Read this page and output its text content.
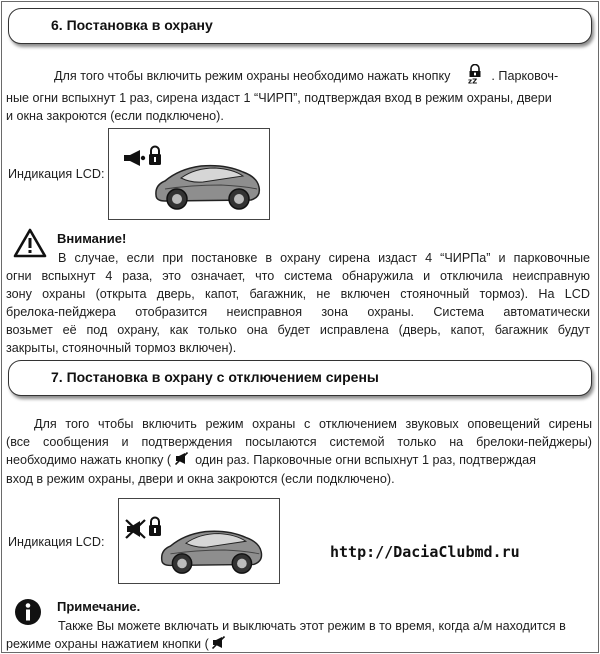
6. Постановка в охрану
Для того чтобы включить режим охраны необходимо нажать кнопку	zZ . Парковоч-
ные огни вспыхнут 1 раз, сирена издаст 1 “ЧИРП”, подтверждая вход в режим охраны, двери
и окна закроются (если подключено).
Индикация LCD:
Внимание!
В случае, если при постановке в охрану сирена издаст 4 “ЧИРПа” и парковочные
огни вспыхнут 4 раза, это означает, что система обнаружила и отключила неисправную
зону охраны (открыта дверь, капот, багажник, не включен стояночный тормоз). На LCD
брелока-пейджера отобразится неисправноя зона охраны. Система автоматически
возьмет её под охрану, как только она будет исправлена (дверь, капот, багажник будут
закрыты, стояночный тормоз включен).
7. Постановка в охрану с отключением сирены
Для того чтобы включить режим охраны с отключением звуковых оповещений сирены
(все сообщения и подтверждения посылаются системой только на брелоки-пейджеры)
необходимо нажать кнопку ( один раз. Парковочные огни вспыхнут 1 раз, подтверждая
вход в режим охраны, двери и окна закроются (если подключено).
Индикация LCD:
http://DaciaClubmd.ru
Примечание.
Также Вы можете включать и выключать этот режим в то время, когда а/м находится в
режиме охраны нажатием кнопки (
